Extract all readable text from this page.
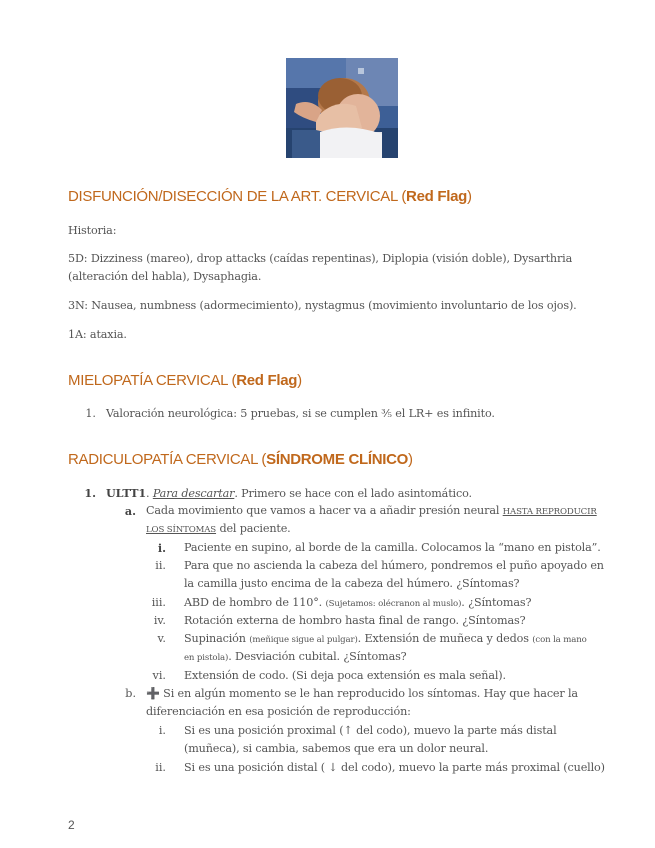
DISFUNCIÓN/DISECCIÓN DE LA ART. CERVICAL (Red Flag)

Historia:

5D: Dizziness (mareo), drop attacks (caídas repentinas), Diplopia (visión doble), Dysarthria

(alteración del habla), Dysaphagia.

3N: Nausea, numbness (adormecimiento), nystagmus (movimiento involuntario de los ojos).

1A: ataxia.

MIELOPATÍA CERVICAL (Red Flag)

1. Valoración neurológica: 5 pruebas, si se cumplen ⅗ el LR+ es infinito.

RADICULOPATÍA CERVICAL (SÍNDROME CLÍNICO)

1. ULTT1. Para descartar. Primero se hace con el lado asintomático.

a. Cada movimiento que vamos a hacer va a añadir presión neural HASTA REPRODUCIR

LOS SÍNTOMAS del paciente.

i. Paciente en supino, al borde de la camilla. Colocamos la “mano en pistola”.

ii. Para que no ascienda la cabeza del húmero, pondremos el puño apoyado en

la camilla justo encima de la cabeza del húmero. ¿Síntomas?

iii. ABD de hombro de 110°. (Sujetamos: olécranon al muslo). ¿Síntomas?

iv. Rotación externa de hombro hasta final de rango. ¿Síntomas?

v. Supinación (meñique sigue al pulgar). Extensión de muñeca y dedos (con la mano

en pistola). Desviación cubital. ¿Síntomas?

vi. Extensión de codo. (Si deja poca extensión es mala señal).

b. ➕ Si en algún momento se le han reproducido los síntomas. Hay que hacer la

diferenciación en esa posición de reproducción:

i. Si es una posición proximal (↑ del codo), muevo la parte más distal

(muñeca), si cambia, sabemos que era un dolor neural.

ii. Si es una posición distal ( ↓ del codo), muevo la parte más proximal (cuello)

2
